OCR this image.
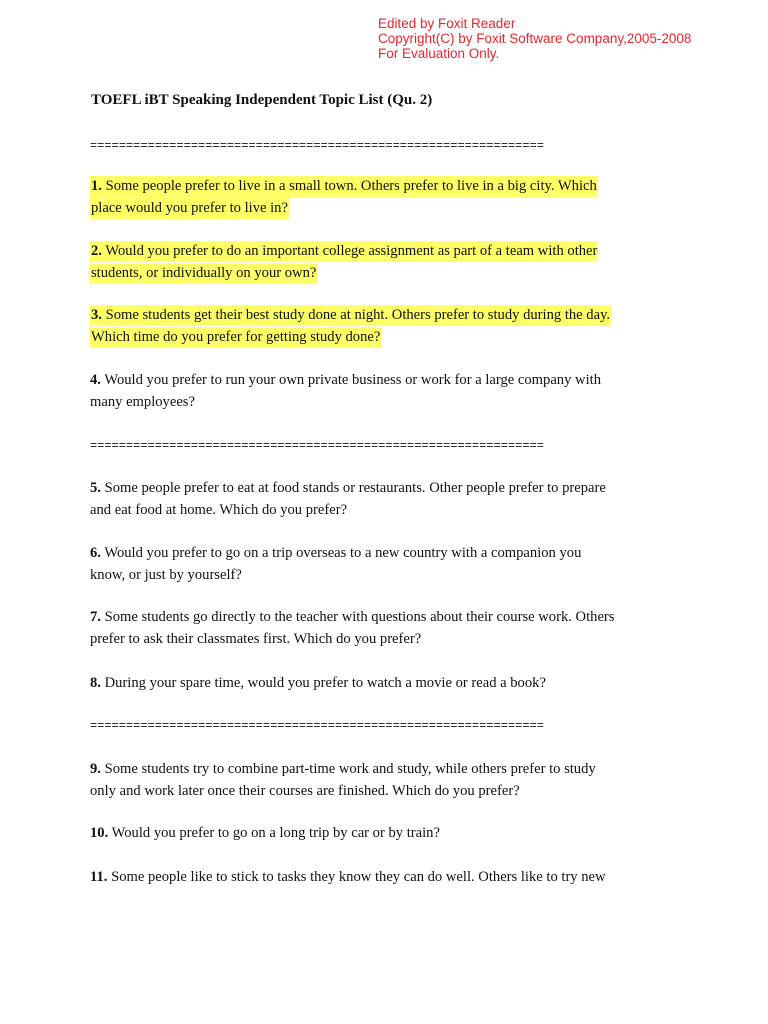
Edited by Foxit Reader
Copyright(C) by Foxit Software Company,2005-2008
For Evaluation Only.
TOEFL iBT Speaking Independent Topic List (Qu. 2)
===============================================================
1. Some people prefer to live in a small town. Others prefer to live in a big city. Which
place would you prefer to live in?
2. Would you prefer to do an important college assignment as part of a team with other
students, or individually on your own?
3. Some students get their best study done at night. Others prefer to study during the day.
Which time do you prefer for getting study done?
4. Would you prefer to run your own private business or work for a large company with
many employees?
===============================================================
5. Some people prefer to eat at food stands or restaurants. Other people prefer to prepare
and eat food at home. Which do you prefer?
6. Would you prefer to go on a trip overseas to a new country with a companion you
know, or just by yourself?
7. Some students go directly to the teacher with questions about their course work. Others
prefer to ask their classmates first. Which do you prefer?
8. During your spare time, would you prefer to watch a movie or read a book?
===============================================================
9. Some students try to combine part-time work and study, while others prefer to study
only and work later once their courses are finished. Which do you prefer?
10. Would you prefer to go on a long trip by car or by train?
11. Some people like to stick to tasks they know they can do well. Others like to try new
